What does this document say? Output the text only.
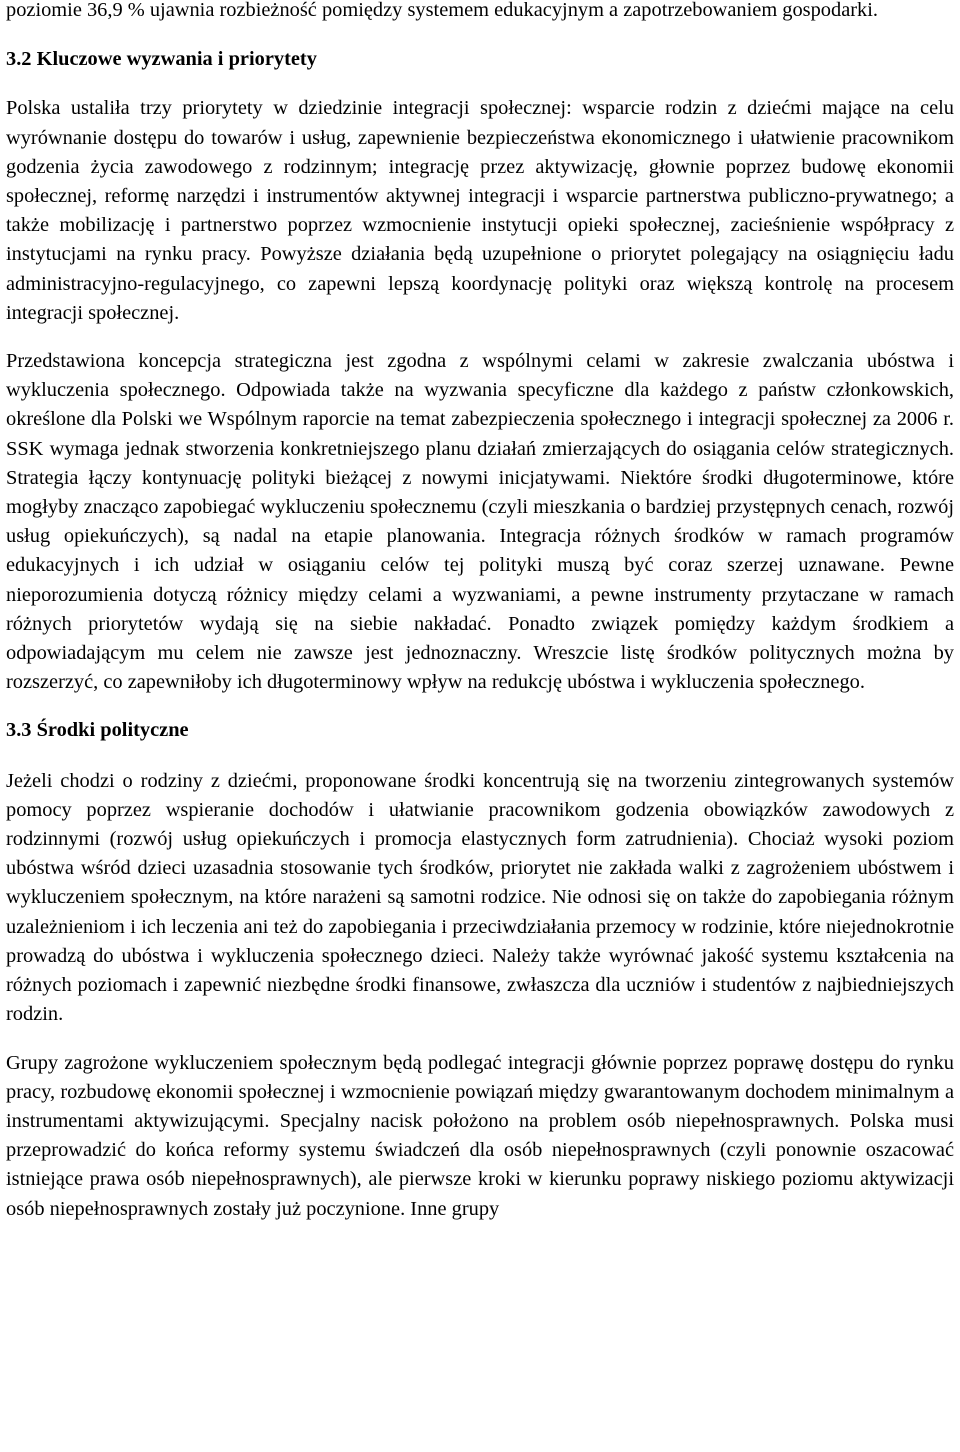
poziomie 36,9 % ujawnia rozbieżność pomiędzy systemem edukacyjnym a zapotrzebowaniem gospodarki.

3.2 Kluczowe wyzwania i priorytety

Polska ustaliła trzy priorytety w dziedzinie integracji społecznej: wsparcie rodzin z dziećmi mające na celu wyrównanie dostępu do towarów i usług, zapewnienie bezpieczeństwa ekonomicznego i ułatwienie pracownikom godzenia życia zawodowego z rodzinnym; integrację przez aktywizację, głownie poprzez budowę ekonomii społecznej, reformę narzędzi i instrumentów aktywnej integracji i wsparcie partnerstwa publiczno-prywatnego; a także mobilizację i partnerstwo poprzez wzmocnienie instytucji opieki społecznej, zacieśnienie współpracy z instytucjami na rynku pracy. Powyższe działania będą uzupełnione o priorytet polegający na osiągnięciu ładu administracyjno-regulacyjnego, co zapewni lepszą koordynację polityki oraz większą kontrolę na procesem integracji społecznej.

Przedstawiona koncepcja strategiczna jest zgodna z wspólnymi celami w zakresie zwalczania ubóstwa i wykluczenia społecznego. Odpowiada także na wyzwania specyficzne dla każdego z państw członkowskich, określone dla Polski we Wspólnym raporcie na temat zabezpieczenia społecznego i integracji społecznej za 2006 r. SSK wymaga jednak stworzenia konkretniejszego planu działań zmierzających do osiągania celów strategicznych. Strategia łączy kontynuację polityki bieżącej z nowymi inicjatywami. Niektóre środki długoterminowe, które mogłyby znacząco zapobiegać wykluczeniu społecznemu (czyli mieszkania o bardziej przystępnych cenach, rozwój usług opiekuńczych), są nadal na etapie planowania. Integracja różnych środków w ramach programów edukacyjnych i ich udział w osiąganiu celów tej polityki muszą być coraz szerzej uznawane. Pewne nieporozumienia dotyczą różnicy między celami a wyzwaniami, a pewne instrumenty przytaczane w ramach różnych priorytetów wydają się na siebie nakładać. Ponadto związek pomiędzy każdym środkiem a odpowiadającym mu celem nie zawsze jest jednoznaczny. Wreszcie listę środków politycznych można by rozszerzyć, co zapewniłoby ich długoterminowy wpływ na redukcję ubóstwa i wykluczenia społecznego.

3.3 Środki polityczne

Jeżeli chodzi o rodziny z dziećmi, proponowane środki koncentrują się na tworzeniu zintegrowanych systemów pomocy poprzez wspieranie dochodów i ułatwianie pracownikom godzenia obowiązków zawodowych z rodzinnymi (rozwój usług opiekuńczych i promocja elastycznych form zatrudnienia). Chociaż wysoki poziom ubóstwa wśród dzieci uzasadnia stosowanie tych środków, priorytet nie zakłada walki z zagrożeniem ubóstwem i wykluczeniem społecznym, na które narażeni są samotni rodzice. Nie odnosi się on także do zapobiegania różnym uzależnieniom i ich leczenia ani też do zapobiegania i przeciwdziałania przemocy w rodzinie, które niejednokrotnie prowadzą do ubóstwa i wykluczenia społecznego dzieci. Należy także wyrównać jakość systemu kształcenia na różnych poziomach i zapewnić niezbędne środki finansowe, zwłaszcza dla uczniów i studentów z najbiedniejszych rodzin.

Grupy zagrożone wykluczeniem społecznym będą podlegać integracji głównie poprzez poprawę dostępu do rynku pracy, rozbudowę ekonomii społecznej i wzmocnienie powiązań między gwarantowanym dochodem minimalnym a instrumentami aktywizującymi. Specjalny nacisk położono na problem osób niepełnosprawnych. Polska musi przeprowadzić do końca reformy systemu świadczeń dla osób niepełnosprawnych (czyli ponownie oszacować istniejące prawa osób niepełnosprawnych), ale pierwsze kroki w kierunku poprawy niskiego poziomu aktywizacji osób niepełnosprawnych zostały już poczynione. Inne grupy
